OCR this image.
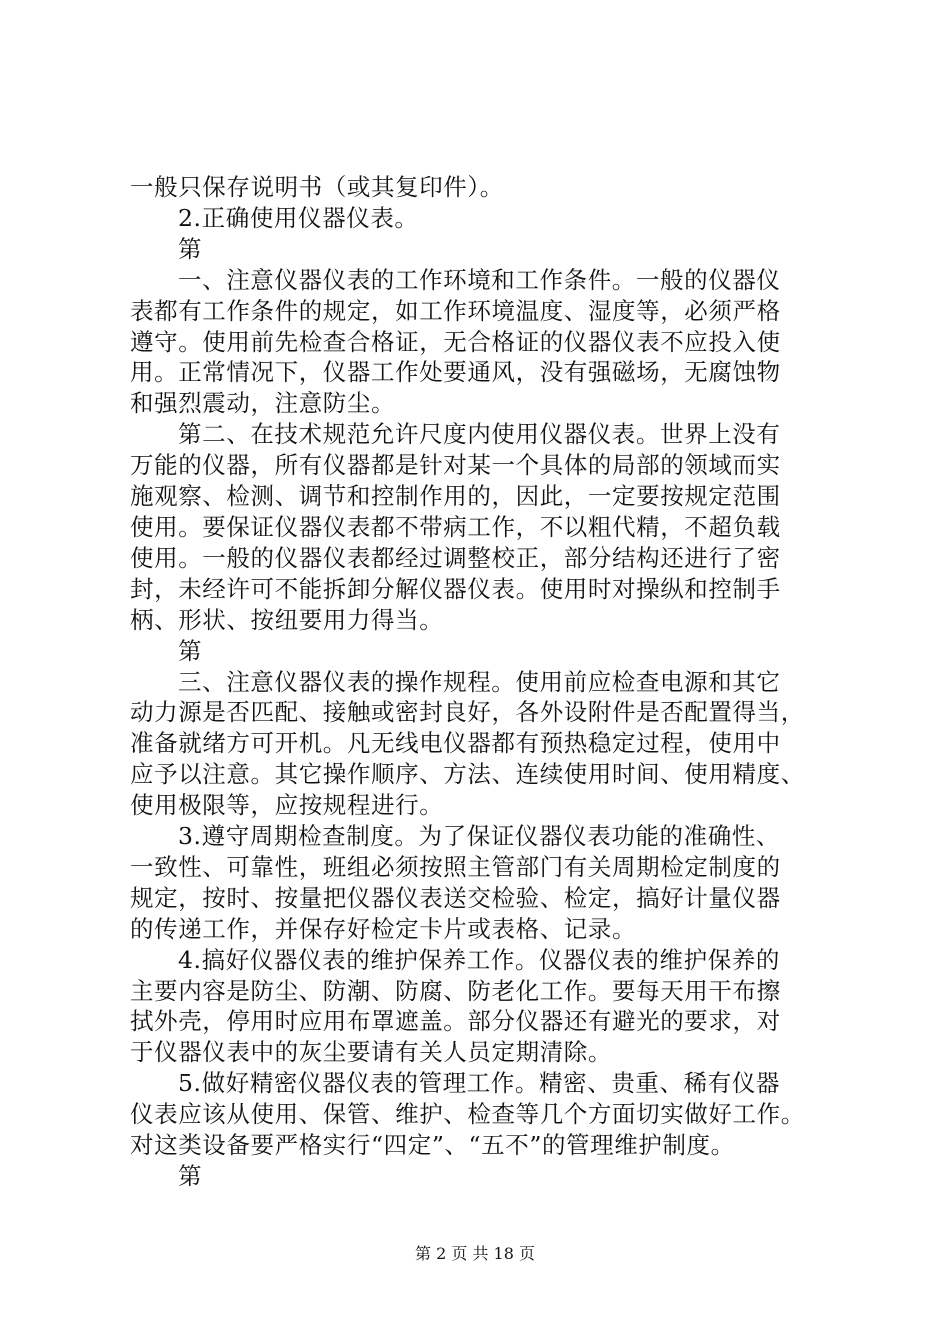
一般只保存说明书（或其复印件）。
2.正确使用仪器仪表。
第
一、注意仪器仪表的工作环境和工作条件。一般的仪器仪
表都有工作条件的规定，如工作环境温度、湿度等，必须严格
遵守。使用前先检查合格证，无合格证的仪器仪表不应投入使
用。正常情况下，仪器工作处要通风，没有强磁场，无腐蚀物
和强烈震动，注意防尘。
第二、在技术规范允许尺度内使用仪器仪表。世界上没有
万能的仪器，所有仪器都是针对某一个具体的局部的领域而实
施观察、检测、调节和控制作用的，因此，一定要按规定范围
使用。要保证仪器仪表都不带病工作，不以粗代精，不超负载
使用。一般的仪器仪表都经过调整校正，部分结构还进行了密
封，未经许可不能拆卸分解仪器仪表。使用时对操纵和控制手
柄、形状、按纽要用力得当。
第
三、注意仪器仪表的操作规程。使用前应检查电源和其它
动力源是否匹配、接触或密封良好，各外设附件是否配置得当，
准备就绪方可开机。凡无线电仪器都有预热稳定过程，使用中
应予以注意。其它操作顺序、方法、连续使用时间、使用精度、
使用极限等，应按规程进行。
3.遵守周期检查制度。为了保证仪器仪表功能的准确性、
一致性、可靠性，班组必须按照主管部门有关周期检定制度的
规定，按时、按量把仪器仪表送交检验、检定，搞好计量仪器
的传递工作，并保存好检定卡片或表格、记录。
4.搞好仪器仪表的维护保养工作。仪器仪表的维护保养的
主要内容是防尘、防潮、防腐、防老化工作。要每天用干布擦
拭外壳，停用时应用布罩遮盖。部分仪器还有避光的要求，对
于仪器仪表中的灰尘要请有关人员定期清除。
5.做好精密仪器仪表的管理工作。精密、贵重、稀有仪器
仪表应该从使用、保管、维护、检查等几个方面切实做好工作。
对这类设备要严格实行“四定”、“五不”的管理维护制度。
第
第 2 页 共 18 页
